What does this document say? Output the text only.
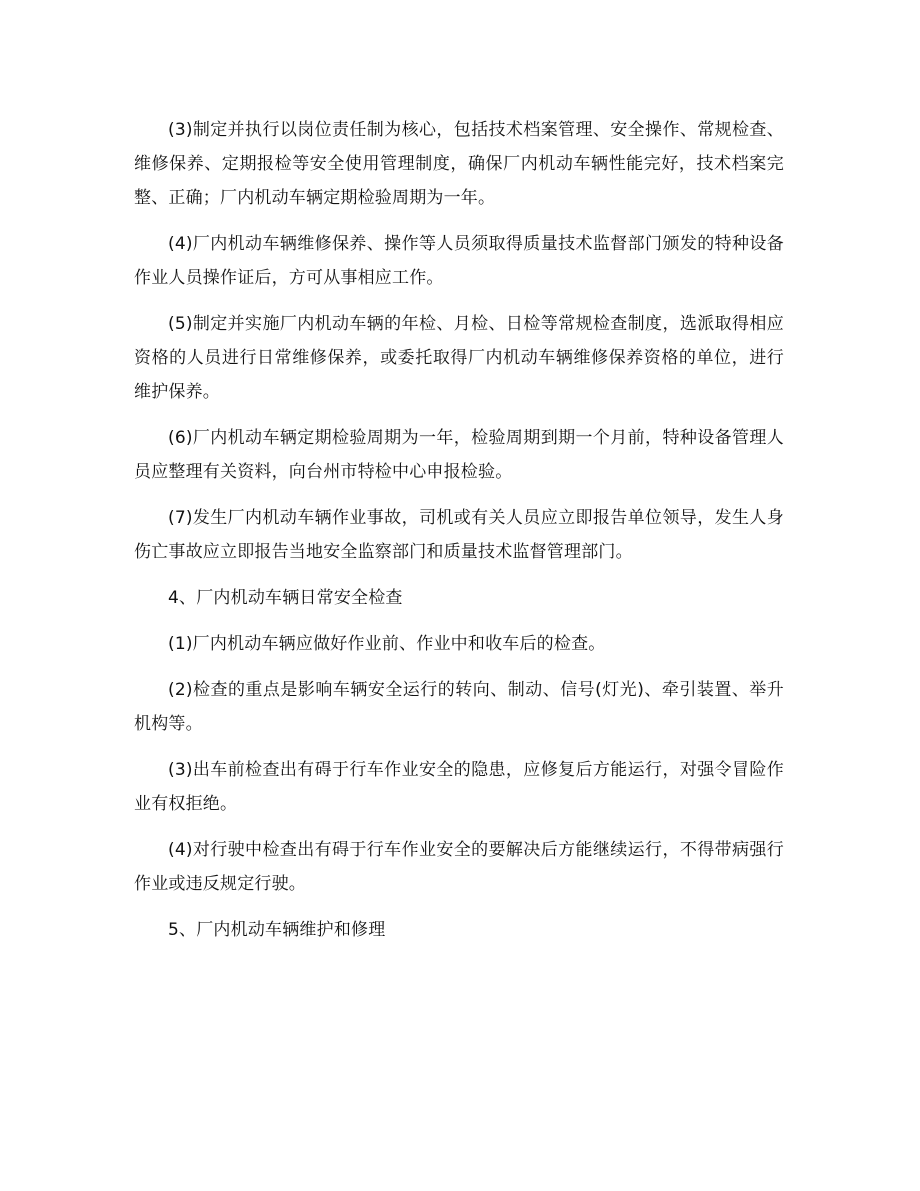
(3)制定并执行以岗位责任制为核心，包括技术档案管理、安全操作、常规检查、维修保养、定期报检等安全使用管理制度，确保厂内机动车辆性能完好，技术档案完整、正确；厂内机动车辆定期检验周期为一年。

(4)厂内机动车辆维修保养、操作等人员须取得质量技术监督部门颁发的特种设备作业人员操作证后，方可从事相应工作。

(5)制定并实施厂内机动车辆的年检、月检、日检等常规检查制度，选派取得相应资格的人员进行日常维修保养，或委托取得厂内机动车辆维修保养资格的单位，进行维护保养。

(6)厂内机动车辆定期检验周期为一年，检验周期到期一个月前，特种设备管理人员应整理有关资料，向台州市特检中心申报检验。

(7)发生厂内机动车辆作业事故，司机或有关人员应立即报告单位领导，发生人身伤亡事故应立即报告当地安全监察部门和质量技术监督管理部门。

4、厂内机动车辆日常安全检查

(1)厂内机动车辆应做好作业前、作业中和收车后的检查。

(2)检查的重点是影响车辆安全运行的转向、制动、信号(灯光)、牵引装置、举升机构等。

(3)出车前检查出有碍于行车作业安全的隐患，应修复后方能运行，对强令冒险作业有权拒绝。

(4)对行驶中检查出有碍于行车作业安全的要解决后方能继续运行，不得带病强行作业或违反规定行驶。

5、厂内机动车辆维护和修理
